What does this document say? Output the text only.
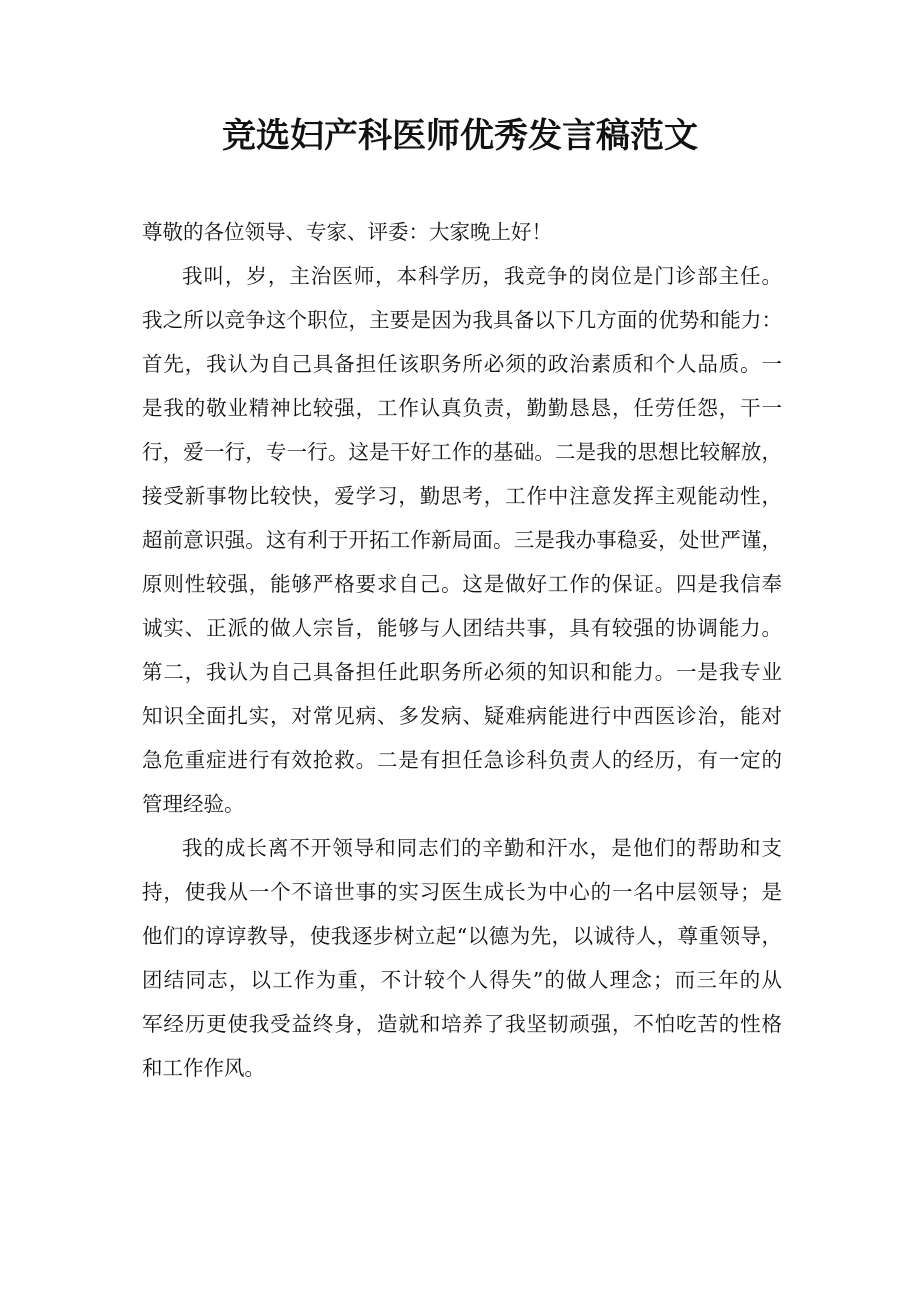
竞选妇产科医师优秀发言稿范文
尊敬的各位领导、专家、评委：大家晚上好！
我叫，岁，主治医师，本科学历，我竞争的岗位是门诊部主任。
我之所以竞争这个职位，主要是因为我具备以下几方面的优势和能力：
首先，我认为自己具备担任该职务所必须的政治素质和个人品质。一
是我的敬业精神比较强，工作认真负责，勤勤恳恳，任劳任怨，干一
行，爱一行，专一行。这是干好工作的基础。二是我的思想比较解放，
接受新事物比较快，爱学习，勤思考，工作中注意发挥主观能动性，
超前意识强。这有利于开拓工作新局面。三是我办事稳妥，处世严谨，
原则性较强，能够严格要求自己。这是做好工作的保证。四是我信奉
诚实、正派的做人宗旨，能够与人团结共事，具有较强的协调能力。
第二，我认为自己具备担任此职务所必须的知识和能力。一是我专业
知识全面扎实，对常见病、多发病、疑难病能进行中西医诊治，能对
急危重症进行有效抢救。二是有担任急诊科负责人的经历，有一定的
管理经验。
我的成长离不开领导和同志们的辛勤和汗水，是他们的帮助和支
持，使我从一个不谙世事的实习医生成长为中心的一名中层领导；是
他们的谆谆教导，使我逐步树立起“以德为先，以诚待人，尊重领导，
团结同志，以工作为重，不计较个人得失”的做人理念；而三年的从
军经历更使我受益终身，造就和培养了我坚韧顽强，不怕吃苦的性格
和工作作风。
